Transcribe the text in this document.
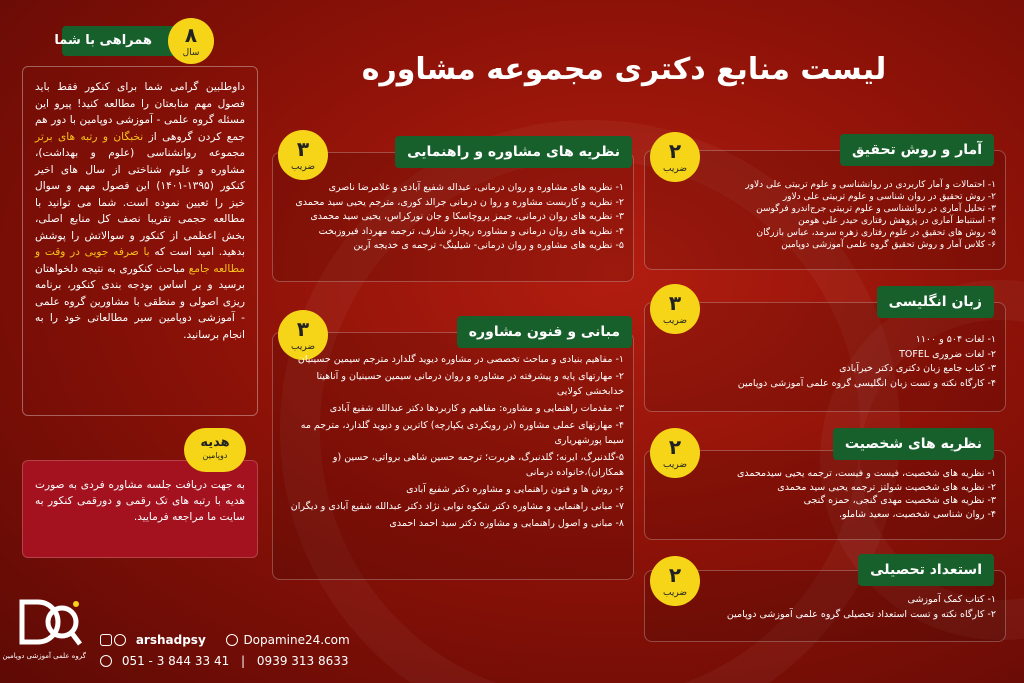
لیست منابع دکتری مجموعه مشاوره
همراهی با شما	۸
سال
داوطلبین گرامی شما برای کنکور فقط باید فصول مهم منابعتان را مطالعه کنید! پیرو این مسئله گروه علمی - آموزشی دوپامین با دور هم جمع کردن گروهی از نخبگان و رتبه های برتر مجموعه روانشناسی (علوم و بهداشت)، مشاوره و علوم شناختی از سال های اخیر کنکور (۱۳۹۵-۱۴۰۱) این فصول مهم و سوال خیز را تعیین نموده است. شما می توانید با مطالعه حجمی تقریبا نصف کل منابع اصلی، بخش اعظمی از کنکور و سوالاتش را پوشش بدهید. امید است که با صرفه جویی در وقت و مطالعه جامع مباحث کنکوری به نتیجه دلخواهتان برسید و بر اساس بودجه بندی کنکور، برنامه ریزی اصولی و منطقی با مشاورین گروه علمی - آموزشی دوپامین سیر مطالعاتی خود را به انجام برسانید.
به جهت دریافت جلسه مشاوره فردی به صورت هدیه با رتبه های تک رقمی و دورقمی کنکور به سایت ما مراجعه فرمایید.
هدیه
دوپامین
آمار و روش تحقیق
۲
ضریب
۱- احتمالات و آمار کاربردی در روانشناسی و علوم تربیتی علی دلاور
۲- روش تحقیق در روان شناسی و علوم تربیتی علی دلاور
۳- تحلیل آماری در روانشناسی و علوم تربیتی جرج‌اندرو فرگوسن
۴- استنباط آماری در پژوهش رفتاری حیدر علی هومن
۵- روش های تحقیق در علوم رفتاری زهره سرمد، عباس بازرگان
۶- کلاس آمار و روش تحقیق گروه علمی آموزشی دوپامین
نظریه های مشاوره و راهنمایی
۳
ضریب
۱- نظریه های مشاوره و روان درمانی، عبداله شفیع آبادی و غلامرضا ناصری
۲- نظریه و کاربست مشاوره و روا ن درمانی جرالد کوری، مترجم یحیی سید محمدی
۳- نظریه های روان درمانی، جیمز پروچاسکا و جان نورکراس، یحیی سید محمدی
۴- نظریه های روان درمانی و مشاوره ریچارد شارف، ترجمه مهرداد فیروزبخت
۵- نظریه های مشاوره و روان درمانی- شیلینگ- ترجمه ی خدیجه آرین
زبان انگلیسی
۳
ضریب
۱- لغات ۵۰۴ و ۱۱۰۰
۲- لغات ضروری TOFEL
۳- کتاب جامع زبان دکتری دکتر خیرآبادی
۴- کارگاه نکته و تست زبان انگلیسی گروه علمی آموزشی دوپامین
مبانی و فنون مشاوره
۳
ضریب
۱- مفاهیم بنیادی و مباحث تخصصی در مشاوره دیوید گلدارد مترجم سیمین حسینیان
۲- مهارتهای پایه و پیشرفته در مشاوره و روان درمانی سیمین حسینیان و آناهیتا خدابخشی کولایی
۳- مقدمات راهنمایی و مشاوره: مفاهیم و کاربردها دکتر عبدالله شفیع آبادی
۴- مهارتهای عملی مشاوره (در رویکردی یکپارچه) کاترین و دیوید گلدارد، مترجم مه سیما پورشهریاری
۵-گلدنبرگ، ایرنه؛ گلدنبرگ، هربرت؛ ترجمه حسین شاهی برواتی، حسین (و همکاران)،خانواده درمانی
۶- روش ها و فنون راهنمایی و مشاوره دکتر شفیع آبادی
۷- مبانی راهنمایی و مشاوره دکتر شکوه نوابی نژاد دکتر عبدالله شفیع آبادی و دیگران
۸- مبانی و اصول راهنمایی و مشاوره دکتر سید احمد احمدی
نظریه های شخصیت
۲
ضریب
۱- نظریه های شخصیت، فیست و فیست، ترجمه یحیی سیدمحمدی
۲- نظریه های شخصیت شولتز ترجمه یحیی سید محمدی
۳- نظریه های شخصیت مهدی گنجی، حمزه گنجی
۴- روان شناسی شخصیت، سعید شاملو.
استعداد تحصیلی
۲
ضریب
۱- کتاب کمک آموزشی
۲- کارگاه نکته و تست استعداد تحصیلی گروه علمی آموزشی دوپامین
گروه علمی آموزشی دوپامین
arshadpsy	Dopamine24.com
051 - 3 844 33 41 | 0939 313 8633
